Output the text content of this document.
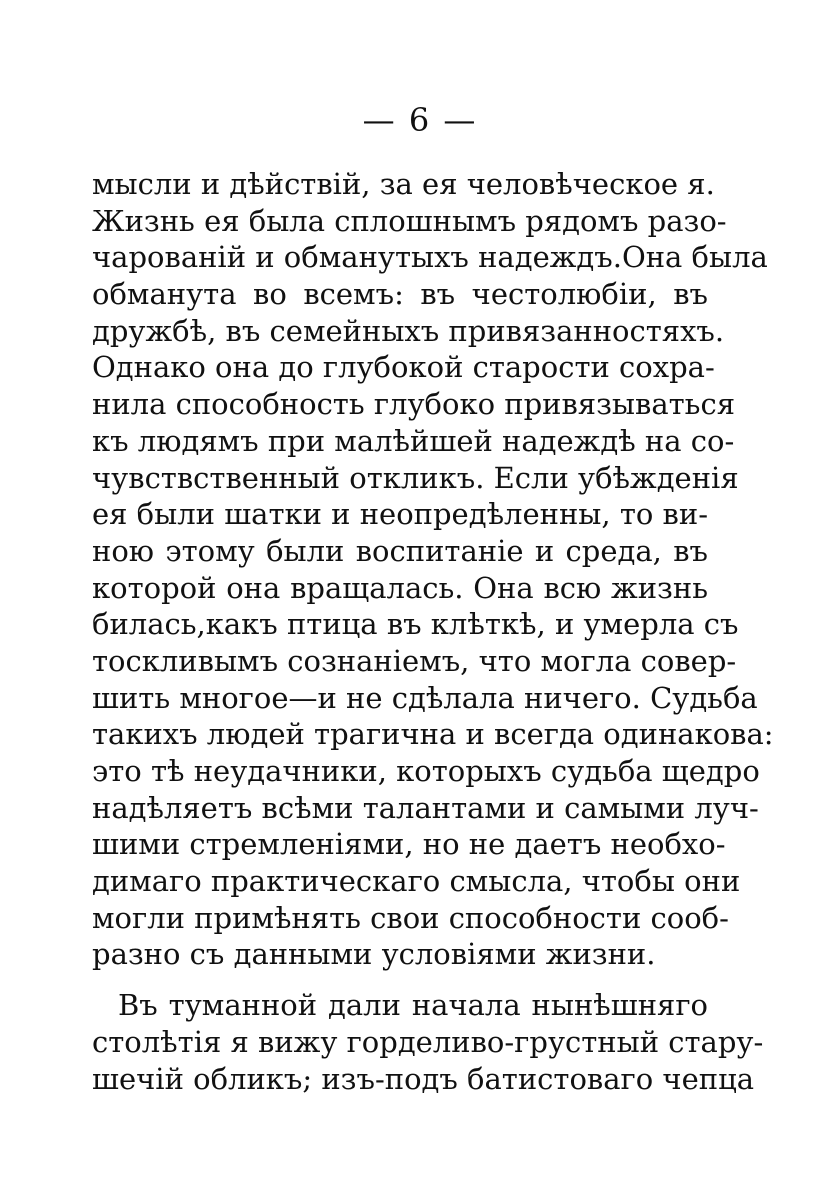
— 6 —
мысли и дѣйствій, за ея человѣческое я.
Жизнь ея была сплошнымъ рядомъ разо-
чарованій и обманутыхъ надеждъ.Она была
обманута во всемъ: въ честолюбіи, въ
дружбѣ, въ семейныхъ привязанностяхъ.
Однако она до глубокой старости сохра-
нила способность глубоко привязываться
къ людямъ при малѣйшей надеждѣ на со-
чувствственный откликъ. Если убѣжденія
ея были шатки и неопредѣленны, то ви-
ною этому были воспитаніе и среда, въ
которой она вращалась. Она всю жизнь
билась,какъ птица въ клѣткѣ, и умерла съ
тоскливымъ сознаніемъ, что могла совер-
шить многое—и не сдѣлала ничего. Судьба
такихъ людей трагична и всегда одинакова:
это тѣ неудачники, которыхъ судьба щедро
надѣляетъ всѣми талантами и самыми луч-
шими стремленіями, но не даетъ необхо-
димаго практическаго смысла, чтобы они
могли примѣнять свои способности сооб-
разно съ данными условіями жизни.
Въ туманной дали начала нынѣшняго
столѣтія я вижу горделиво-грустный стару-
шечій обликъ; изъ-подъ батистоваго чепца
